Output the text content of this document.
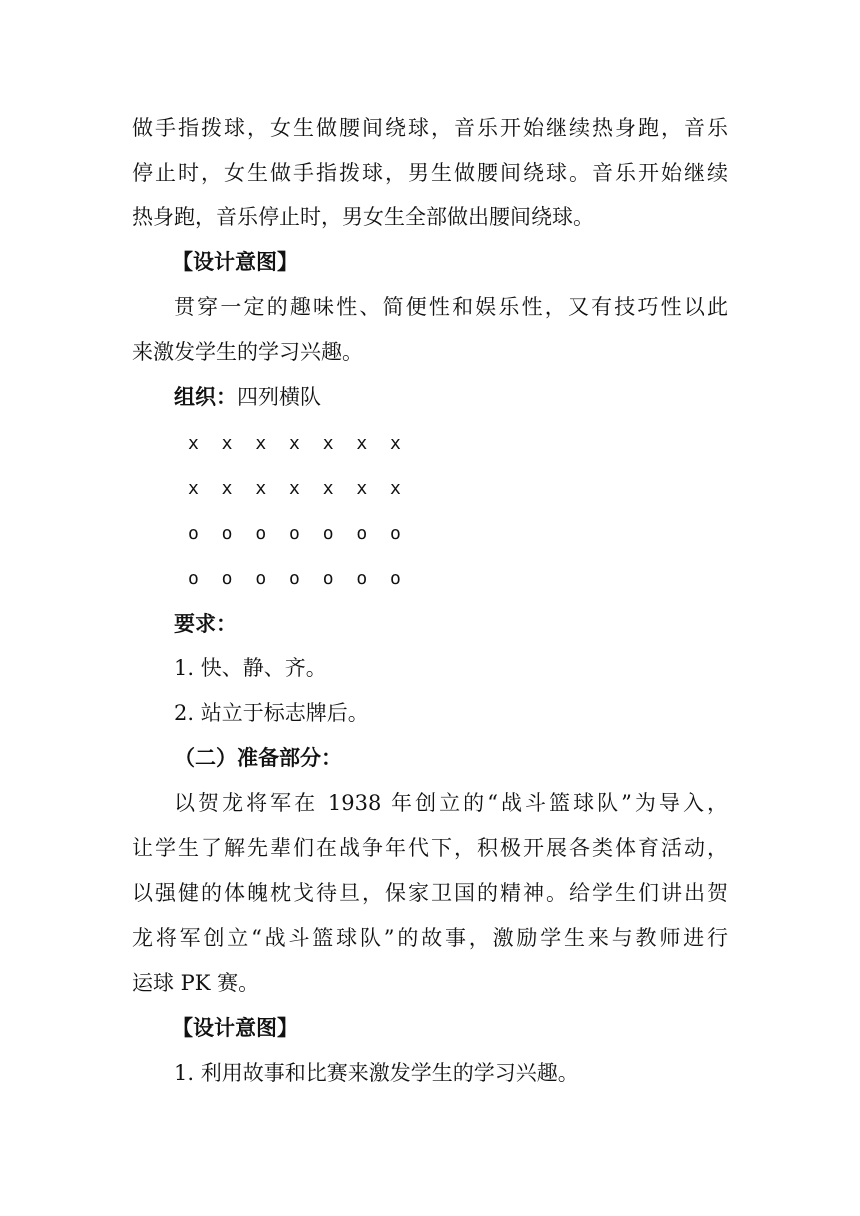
做手指拨球，女生做腰间绕球，音乐开始继续热身跑，音乐
停止时，女生做手指拨球，男生做腰间绕球。音乐开始继续
热身跑，音乐停止时，男女生全部做出腰间绕球。
【设计意图】
贯穿一定的趣味性、简便性和娱乐性，又有技巧性以此
来激发学生的学习兴趣。
组织：四列横队
x x x x x x x
x x x x x x x
o o o o o o o
o o o o o o o
要求：
1. 快、静、齐。
2. 站立于标志牌后。
（二）准备部分：
以贺龙将军在 1938 年创立的“战斗篮球队”为导入，
让学生了解先辈们在战争年代下，积极开展各类体育活动，
以强健的体魄枕戈待旦，保家卫国的精神。给学生们讲出贺
龙将军创立“战斗篮球队”的故事，激励学生来与教师进行
运球 PK 赛。
【设计意图】
1. 利用故事和比赛来激发学生的学习兴趣。
